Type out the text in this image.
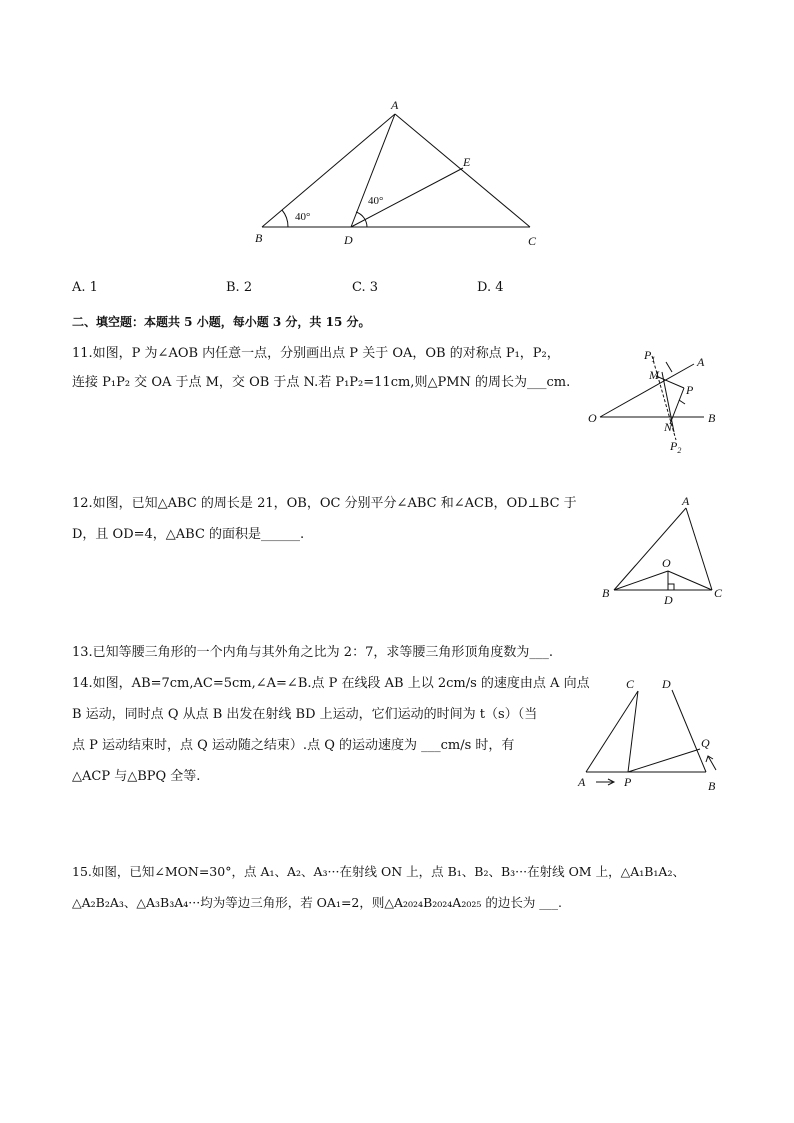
A
B	C
D
E
40°
40°
A. 1	B. 2	C. 3	D. 4
二、填空题：本题共 5 小题，每小题 3 分，共 15 分。
11.如图，P 为∠AOB 内任意一点，分别画出点 P 关于 OA，OB 的对称点 P₁，P₂，
连接 P₁P₂ 交 OA 于点 M，交 OB 于点 N.若 P₁P₂=11cm,则△PMN 的周长为___cm.
$P_1$	A
M
P
O	B
N
$P_2$
12.如图，已知△ABC 的周长是 21，OB，OC 分别平分∠ABC 和∠ACB，OD⊥BC 于
D，且 OD=4，△ABC 的面积是______.
A
O
B	D	C
13.已知等腰三角形的一个内角与其外角之比为 2：7，求等腰三角形顶角度数为___.
14.如图，AB=7cm,AC=5cm,∠A=∠B.点 P 在线段 AB 上以 2cm/s 的速度由点 A 向点
B 运动，同时点 Q 从点 B 出发在射线 BD 上运动，它们运动的时间为 t（s）（当
点 P 运动结束时，点 Q 运动随之结束）.点 Q 的运动速度为 ___cm/s 时，有
△ACP 与△BPQ 全等.
C D
Q
A	P	B
15.如图，已知∠MON=30°，点 A₁、A₂、A₃···在射线 ON 上，点 B₁、B₂、B₃···在射线 OM 上，△A₁B₁A₂、
△A₂B₂A₃、△A₃B₃A₄···均为等边三角形，若 OA₁=2，则△A₂₀₂₄B₂₀₂₄A₂₀₂₅ 的边长为 ___.
